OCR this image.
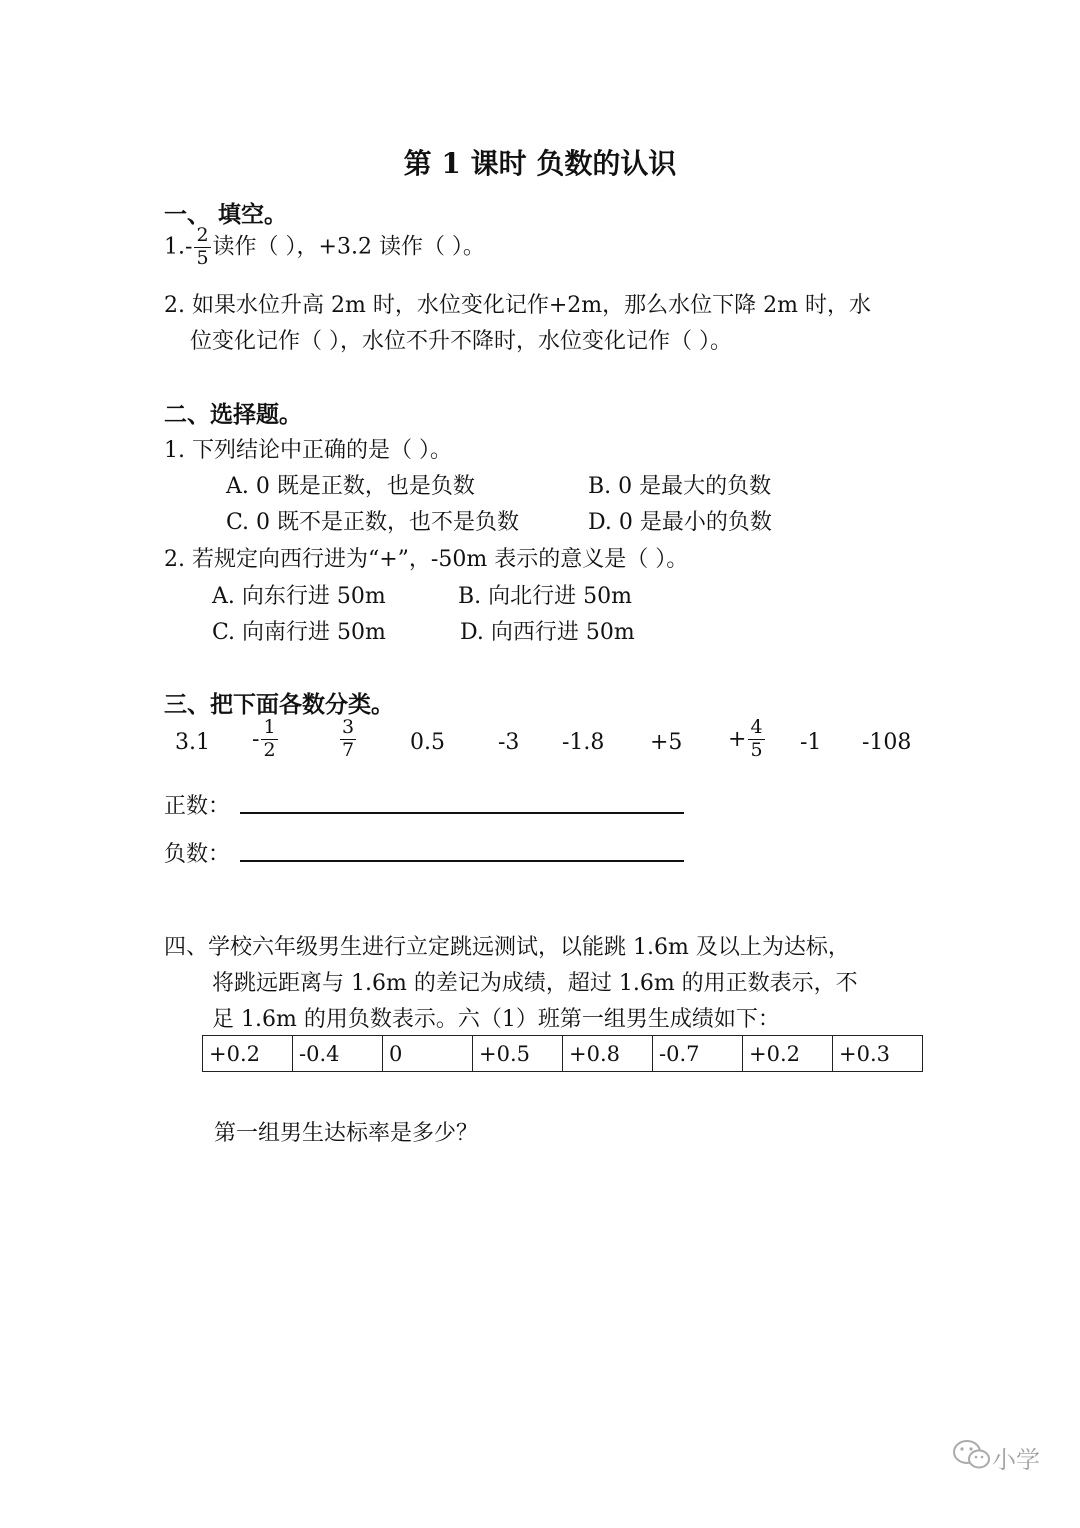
第 1 课时 负数的认识
一、 填空。
$1.- \frac{2}{5}$ 读作（ ），+3.2 读作（ ）。
2. 如果水位升高 2m 时，水位变化记作+2m，那么水位下降 2m 时，水
位变化记作（ ），水位不升不降时，水位变化记作（ ）。
二、选择题。
1. 下列结论中正确的是（ ）。
A. 0 既是正数，也是负数	B. 0 是最大的负数
C. 0 既不是正数，也不是负数	D. 0 是最小的负数
2. 若规定向西行进为“+”，-50m 表示的意义是（ ）。
A. 向东行进 50m	B. 向北行进 50m
C. 向南行进 50m	D. 向西行进 50m
三、把下面各数分类。
$3.1 - \frac{1}{2}$	$\frac{3}{7} 0.5$ -3 $-1.8 +5 + \frac{4}{5} -1$ -108
正数：
负数：
四、学校六年级男生进行立定跳远测试，以能跳 1.6m 及以上为达标，
将跳远距离与 1.6m 的差记为成绩，超过 1.6m 的用正数表示，不
足 1.6m 的用负数表示。六（1）班第一组男生成绩如下：
+0.2	-0.4	0	+0.5	+0.8	-0.7	+0.2	+0.3
第一组男生达标率是多少？
小学
